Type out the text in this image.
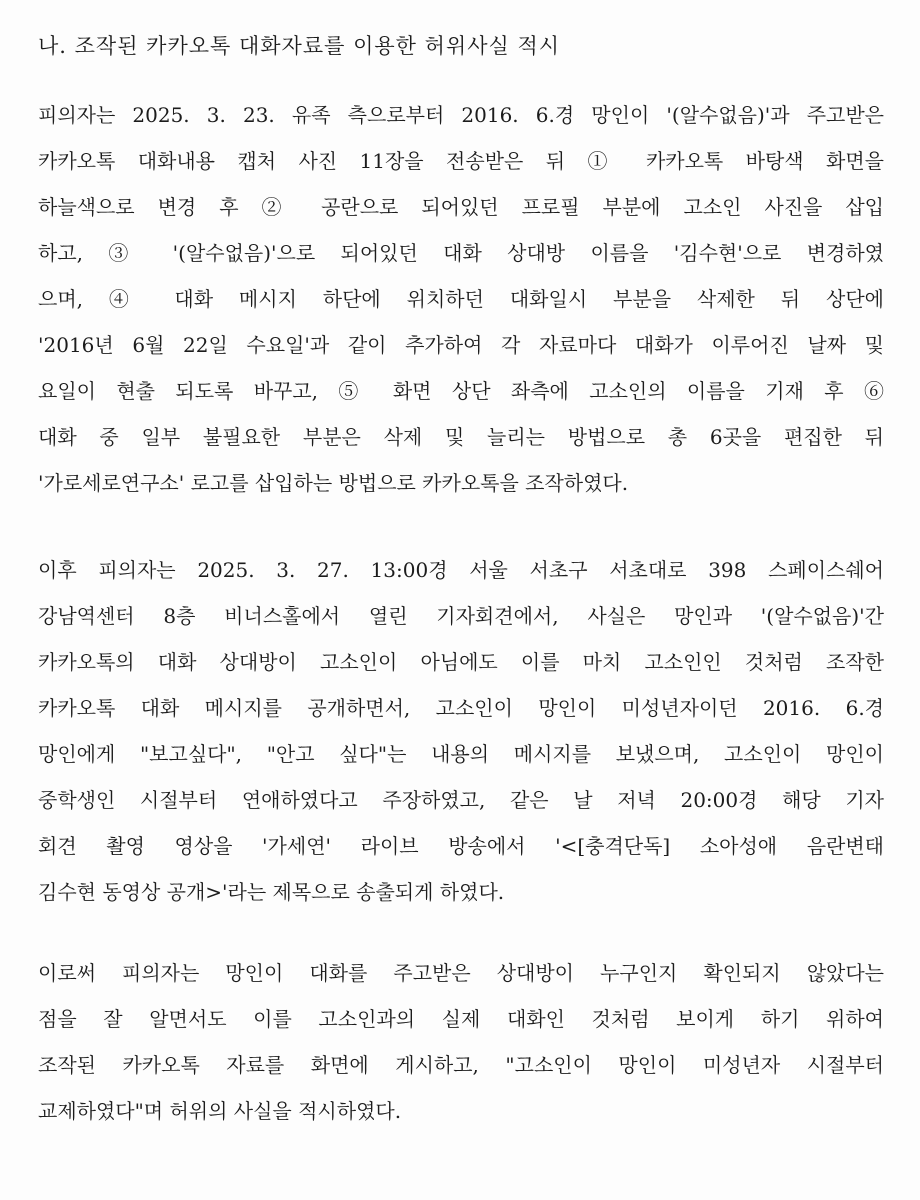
나. 조작된 카카오톡 대화자료를 이용한 허위사실 적시
피의자는 2025. 3. 23. 유족 측으로부터 2016. 6.경 망인이 '(알수없음)'과 주고받은
카카오톡 대화내용 캡처 사진 11장을 전송받은 뒤 ① 카카오톡 바탕색 화면을
하늘색으로 변경 후 ② 공란으로 되어있던 프로필 부분에 고소인 사진을 삽입
하고, ③ '(알수없음)'으로 되어있던 대화 상대방 이름을 '김수현'으로 변경하였
으며, ④ 대화 메시지 하단에 위치하던 대화일시 부분을 삭제한 뒤 상단에
'2016년 6월 22일 수요일'과 같이 추가하여 각 자료마다 대화가 이루어진 날짜 및
요일이 현출 되도록 바꾸고, ⑤ 화면 상단 좌측에 고소인의 이름을 기재 후 ⑥
대화 중 일부 불필요한 부분은 삭제 및 늘리는 방법으로 총 6곳을 편집한 뒤
'가로세로연구소' 로고를 삽입하는 방법으로 카카오톡을 조작하였다.
이후 피의자는 2025. 3. 27. 13:00경 서울 서초구 서초대로 398 스페이스쉐어
강남역센터 8층 비너스홀에서 열린 기자회견에서, 사실은 망인과 '(알수없음)'간
카카오톡의 대화 상대방이 고소인이 아님에도 이를 마치 고소인인 것처럼 조작한
카카오톡 대화 메시지를 공개하면서, 고소인이 망인이 미성년자이던 2016. 6.경
망인에게 "보고싶다", "안고 싶다"는 내용의 메시지를 보냈으며, 고소인이 망인이
중학생인 시절부터 연애하였다고 주장하였고, 같은 날 저녁 20:00경 해당 기자
회견 촬영 영상을 '가세연' 라이브 방송에서 '<[충격단독] 소아성애 음란변태
김수현 동영상 공개>'라는 제목으로 송출되게 하였다.
이로써 피의자는 망인이 대화를 주고받은 상대방이 누구인지 확인되지 않았다는
점을 잘 알면서도 이를 고소인과의 실제 대화인 것처럼 보이게 하기 위하여
조작된 카카오톡 자료를 화면에 게시하고, "고소인이 망인이 미성년자 시절부터
교제하였다"며 허위의 사실을 적시하였다.
